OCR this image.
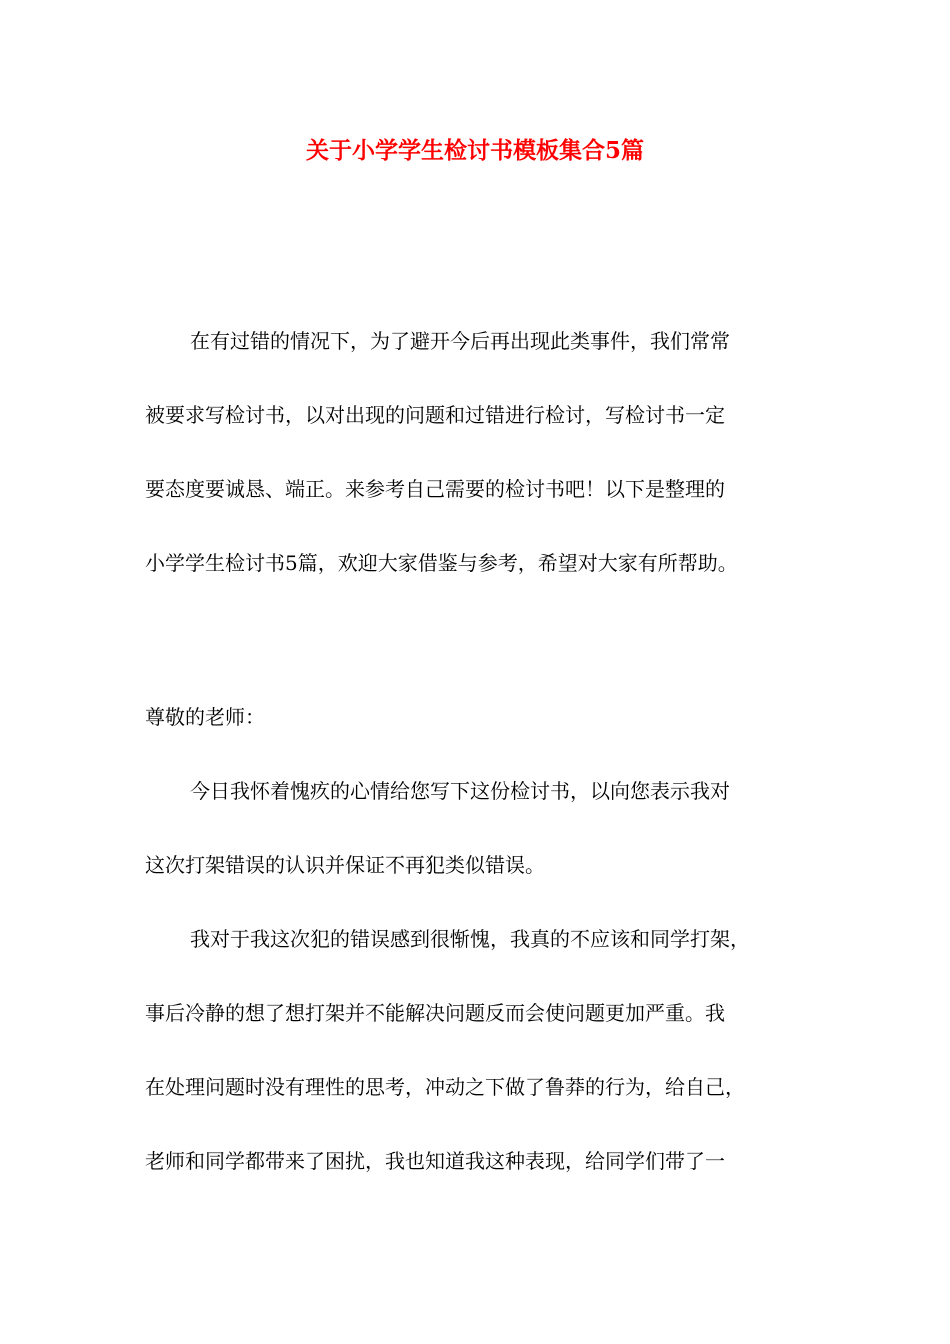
关于小学学生检讨书模板集合5篇
在有过错的情况下，为了避开今后再出现此类事件，我们常常
被要求写检讨书，以对出现的问题和过错进行检讨，写检讨书一定
要态度要诚恳、端正。来参考自己需要的检讨书吧！以下是整理的
小学学生检讨书5篇，欢迎大家借鉴与参考，希望对大家有所帮助。
尊敬的老师：
今日我怀着愧疚的心情给您写下这份检讨书，以向您表示我对
这次打架错误的认识并保证不再犯类似错误。
我对于我这次犯的错误感到很惭愧，我真的不应该和同学打架，
事后冷静的想了想打架并不能解决问题反而会使问题更加严重。我
在处理问题时没有理性的思考，冲动之下做了鲁莽的行为，给自己，
老师和同学都带来了困扰，我也知道我这种表现，给同学们带了一
